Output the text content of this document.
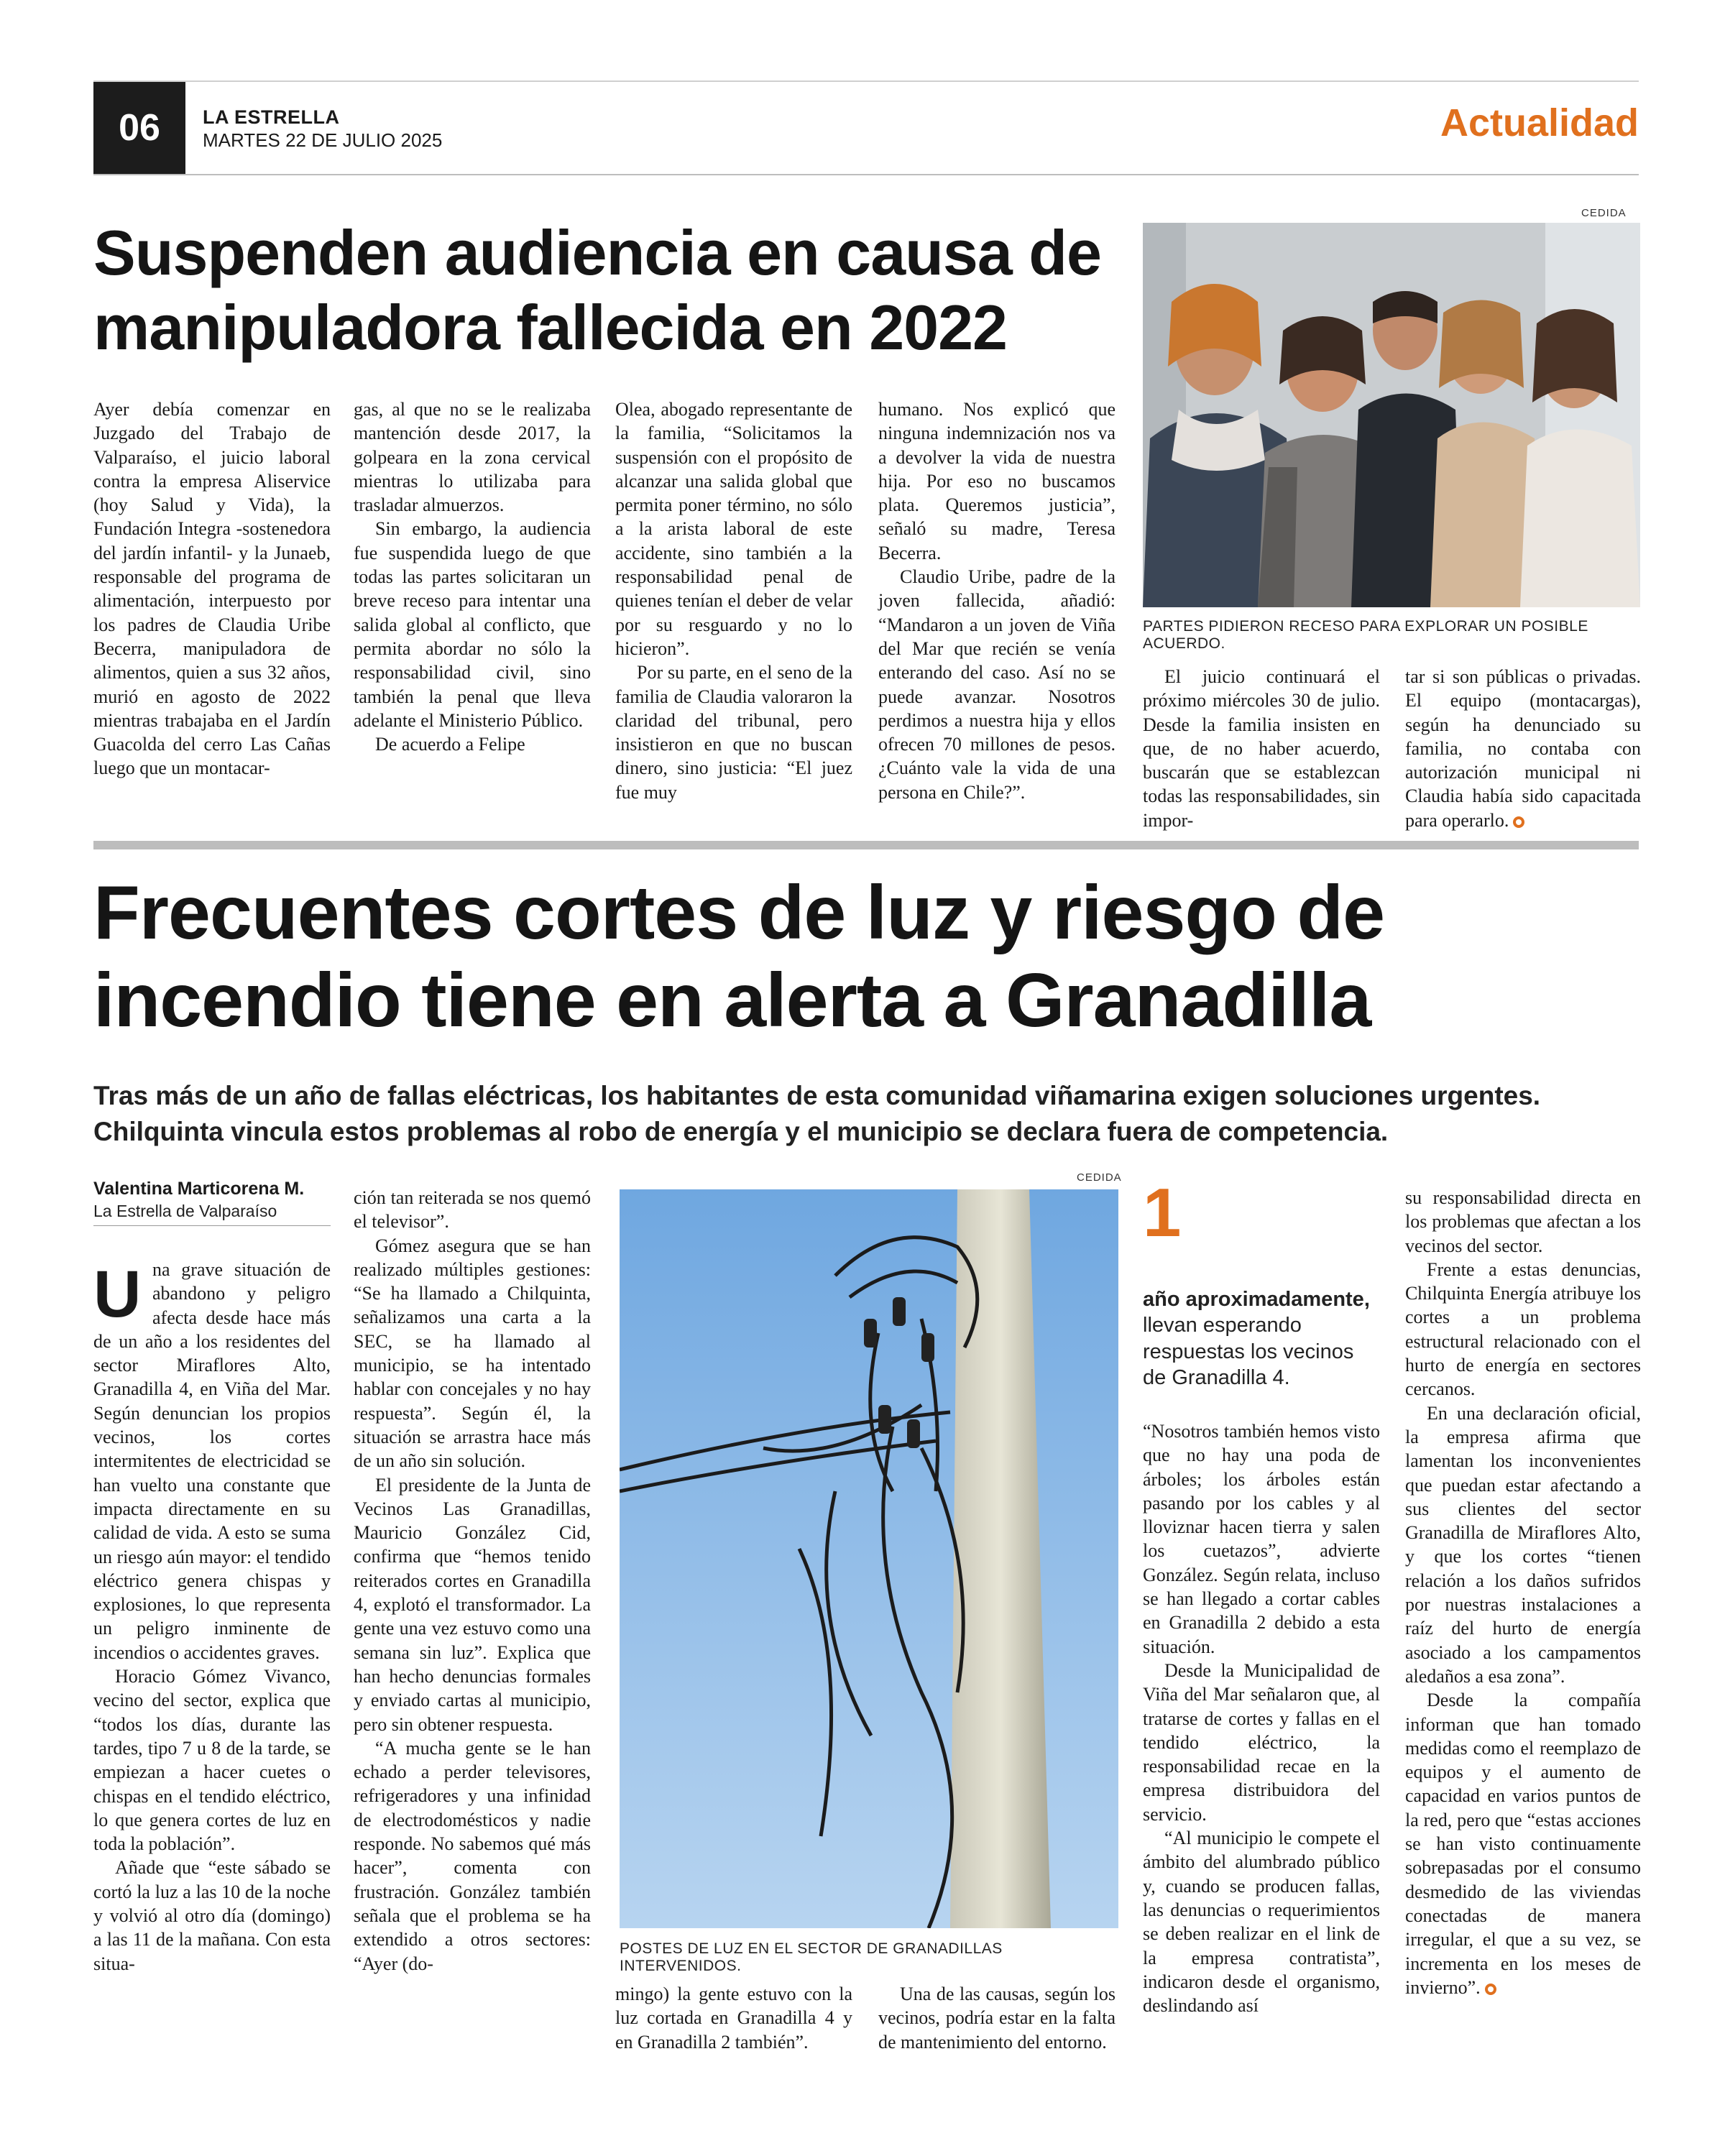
06	LA ESTRELLA
MARTES 22 DE JULIO 2025	Actualidad
Suspenden audiencia en causa de manipuladora fallecida en 2022

Ayer debía comenzar en Juzgado del Trabajo de Valparaíso, el juicio laboral contra la empresa Aliservice (hoy Salud y Vida), la Fundación Integra -sostenedora del jardín infantil- y la Junaeb, responsable del programa de alimentación, interpuesto por los padres de Claudia Uribe Becerra, manipuladora de alimentos, quien a sus 32 años, murió en agosto de 2022 mientras trabajaba en el Jardín Guacolda del cerro Las Cañas luego que un montacar-

gas, al que no se le realizaba mantención desde 2017, la golpeara en la zona cervical mientras lo utilizaba para trasladar almuerzos.

Sin embargo, la audiencia fue suspendida luego de que todas las partes solicitaran un breve receso para intentar una salida global al conflicto, que permita abordar no sólo la responsabilidad civil, sino también la penal que lleva adelante el Ministerio Público.

De acuerdo a Felipe

Olea, abogado representante de la familia, “Solicitamos la suspensión con el propósito de alcanzar una salida global que permita poner término, no sólo a la arista laboral de este accidente, sino también a la responsabilidad penal de quienes tenían el deber de velar por su resguardo y no lo hicieron”.

Por su parte, en el seno de la familia de Claudia valoraron la claridad del tribunal, pero insistieron en que no buscan dinero, sino justicia: “El juez fue muy

humano. Nos explicó que ninguna indemnización nos va a devolver la vida de nuestra hija. Por eso no buscamos plata. Queremos justicia”, señaló su madre, Teresa Becerra.

Claudio Uribe, padre de la joven fallecida, añadió: “Mandaron a un joven de Viña del Mar que recién se venía enterando del caso. Así no se puede avanzar. Nosotros perdimos a nuestra hija y ellos ofrecen 70 millones de pesos. ¿Cuánto vale la vida de una persona en Chile?”.

El juicio continuará el próximo miércoles 30 de julio. Desde la familia insisten en que, de no haber acuerdo, buscarán que se establezcan todas las responsabilidades, sin impor-

tar si son públicas o privadas. El equipo (montacargas), según ha denunciado su familia, no contaba con autorización municipal ni Claudia había sido capacitada para operarlo.

CEDIDA
PARTES PIDIERON RECESO PARA EXPLORAR UN POSIBLE ACUERDO.
Frecuentes cortes de luz y riesgo de incendio tiene en alerta a Granadilla
Tras más de un año de fallas eléctricas, los habitantes de esta comunidad viñamarina exigen soluciones urgentes. Chilquinta vincula estos problemas al robo de energía y el municipio se declara fuera de competencia.
Valentina Marticorena M.
La Estrella de Valparaíso

na grave situación de abandono y peligro afecta desde hace más de un año a los residentes del sector Miraflores Alto, Granadilla 4, en Viña del Mar. Según denuncian los propios vecinos, los cortes intermitentes de electricidad se han vuelto una constante que impacta directamente en su calidad de vida. A esto se suma un riesgo aún mayor: el tendido eléctrico genera chispas y explosiones, lo que representa un peligro inminente de incendios o accidentes graves.

Horacio Gómez Vivanco, vecino del sector, explica que “todos los días, durante las tardes, tipo 7 u 8 de la tarde, se empiezan a hacer cuetes o chispas en el tendido eléctrico, lo que genera cortes de luz en toda la población”.

Añade que “este sábado se cortó la luz a las 10 de la noche y volvió al otro día (domingo) a las 11 de la mañana. Con esta situa-

U

ción tan reiterada se nos quemó el televisor”.

Gómez asegura que se han realizado múltiples gestiones: “Se ha llamado a Chilquinta, señalizamos una carta a la SEC, se ha llamado al municipio, se ha intentado hablar con concejales y no hay respuesta”. Según él, la situación se arrastra hace más de un año sin solución.

El presidente de la Junta de Vecinos Las Granadillas, Mauricio González Cid, confirma que “hemos tenido reiterados cortes en Granadilla 4, explotó el transformador. La gente una vez estuvo como una semana sin luz”. Explica que han hecho denuncias formales y enviado cartas al municipio, pero sin obtener respuesta.

“A mucha gente se le han echado a perder televisores, refrigeradores y una infinidad de electrodomésticos y nadie responde. No sabemos qué más hacer”, comenta con frustración. González también señala que el problema se ha extendido a otros sectores: “Ayer (do-

CEDIDA
POSTES DE LUZ EN EL SECTOR DE GRANADILLAS INTERVENIDOS.

mingo) la gente estuvo con la luz cortada en Granadilla 4 y en Granadilla 2 también”.

Una de las causas, según los vecinos, podría estar en la falta de mantenimiento del entorno.

1
año aproximadamente, llevan esperando respuestas los vecinos de Granadilla 4.

“Nosotros también hemos visto que no hay una poda de árboles; los árboles están pasando por los cables y al lloviznar hacen tierra y salen los cuetazos”, advierte González. Según relata, incluso se han llegado a cortar cables en Granadilla 2 debido a esta situación.

Desde la Municipalidad de Viña del Mar señalaron que, al tratarse de cortes y fallas en el tendido eléctrico, la responsabilidad recae en la empresa distribuidora del servicio.

“Al municipio le compete el ámbito del alumbrado público y, cuando se producen fallas, las denuncias o requerimientos se deben realizar en el link de la empresa contratista”, indicaron desde el organismo, deslindando así

su responsabilidad directa en los problemas que afectan a los vecinos del sector.

Frente a estas denuncias, Chilquinta Energía atribuye los cortes a un problema estructural relacionado con el hurto de energía en sectores cercanos.

En una declaración oficial, la empresa afirma que lamentan los inconvenientes que puedan estar afectando a sus clientes del sector Granadilla de Miraflores Alto, y que los cortes “tienen relación a los daños sufridos por nuestras instalaciones a raíz del hurto de energía asociado a los campamentos aledaños a esa zona”.

Desde la compañía informan que han tomado medidas como el reemplazo de equipos y el aumento de capacidad en varios puntos de la red, pero que “estas acciones se han visto continuamente sobrepasadas por el consumo desmedido de las viviendas conectadas de manera irregular, el que a su vez, se incrementa en los meses de invierno”.
